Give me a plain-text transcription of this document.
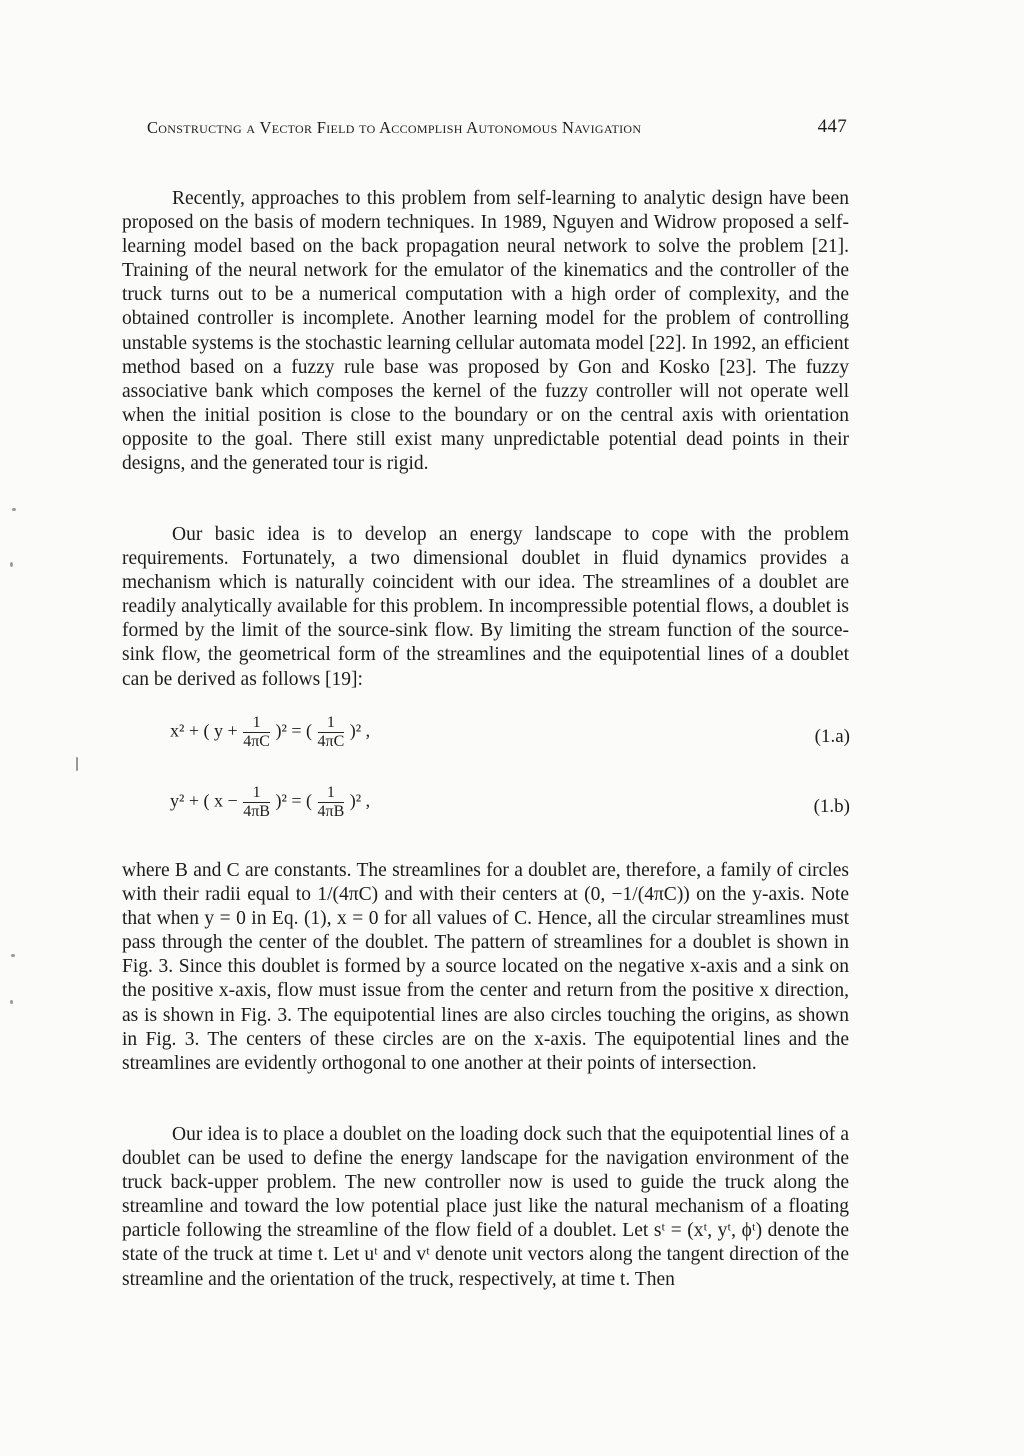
Constructng a Vector Field to Accomplish Autonomous Navigation	447

Recently, approaches to this problem from self-learning to analytic design have been proposed on the basis of modern techniques. In 1989, Nguyen and Widrow proposed a self-learning model based on the back propagation neural network to solve the problem [21]. Training of the neural network for the emulator of the kinematics and the controller of the truck turns out to be a numerical computation with a high order of complexity, and the obtained controller is incomplete. Another learning model for the problem of controlling unstable systems is the stochastic learning cellular automata model [22]. In 1992, an efficient method based on a fuzzy rule base was proposed by Gon and Kosko [23]. The fuzzy associative bank which composes the kernel of the fuzzy controller will not operate well when the initial position is close to the boundary or on the central axis with orientation opposite to the goal. There still exist many unpredictable potential dead points in their designs, and the generated tour is rigid.

Our basic idea is to develop an energy landscape to cope with the problem requirements. Fortunately, a two dimensional doublet in fluid dynamics provides a mechanism which is naturally coincident with our idea. The streamlines of a doublet are readily analytically available for this problem. In incompressible potential flows, a doublet is formed by the limit of the source-sink flow. By limiting the stream function of the source-sink flow, the geometrical form of the streamlines and the equipotential lines of a doublet can be derived as follows [19]:

x² + ( $y + \frac{1}{4\pi C} )^2$ = ( $\frac{1}{4\pi C} )^2$ ,	(1.a)
y² + ( $x - \frac{1}{4\pi B} )^2$ = ( $\frac{1}{4\pi B} )^2$ ,	(1.b)

where B and C are constants. The streamlines for a doublet are, therefore, a family of circles with their radii equal to 1/(4πC) and with their centers at (0, −1/(4πC)) on the y-axis. Note that when y = 0 in Eq. (1), x = 0 for all values of C. Hence, all the circular streamlines must pass through the center of the doublet. The pattern of streamlines for a doublet is shown in Fig. 3. Since this doublet is formed by a source located on the negative x-axis and a sink on the positive x-axis, flow must issue from the center and return from the positive x direction, as is shown in Fig. 3. The equipotential lines are also circles touching the origins, as shown in Fig. 3. The centers of these circles are on the x-axis. The equipotential lines and the streamlines are evidently orthogonal to one another at their points of intersection.

Our idea is to place a doublet on the loading dock such that the equipotential lines of a doublet can be used to define the energy landscape for the navigation environment of the truck back-upper problem. The new controller now is used to guide the truck along the streamline and toward the low potential place just like the natural mechanism of a floating particle following the streamline of the flow field of a doublet. Let sᵗ = (xᵗ, yᵗ, ϕᵗ) denote the state of the truck at time t. Let uᵗ and vᵗ denote unit vectors along the tangent direction of the streamline and the orientation of the truck, respectively, at time t. Then
